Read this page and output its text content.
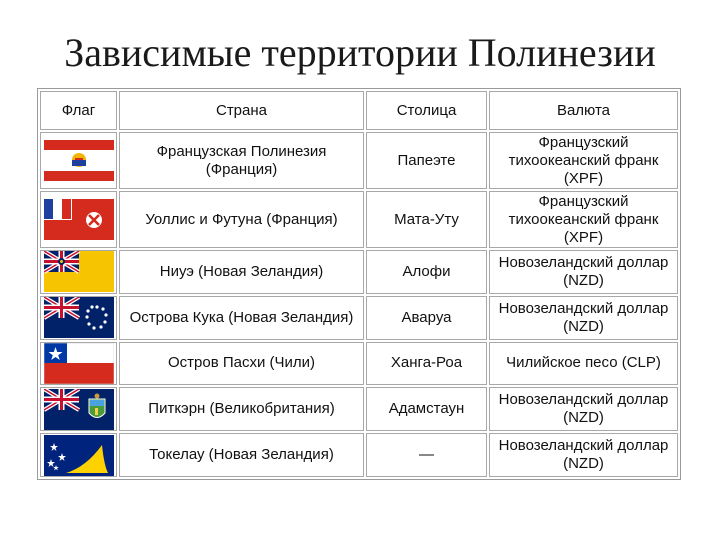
Зависимые территории Полинезии
Флаг	Страна	Столица	Валюта

	Французская Полинезия (Франция)	Папеэте	Французский тихоокеанский франк (XPF)

	Уоллис и Футуна (Франция)	Мата-Уту	Французский тихоокеанский франк (XPF)

	Ниуэ (Новая Зеландия)	Алофи	Новозеландский доллар (NZD)

	Острова Кука (Новая Зеландия)	Аваруа	Новозеландский доллар (NZD)

	Остров Пасхи (Чили)	Ханга-Роа	Чилийское песо (CLP)

	Питкэрн (Великобритания)	Адамстаун	Новозеландский доллар (NZD)

	Токелау (Новая Зеландия)	—	Новозеландский доллар (NZD)
